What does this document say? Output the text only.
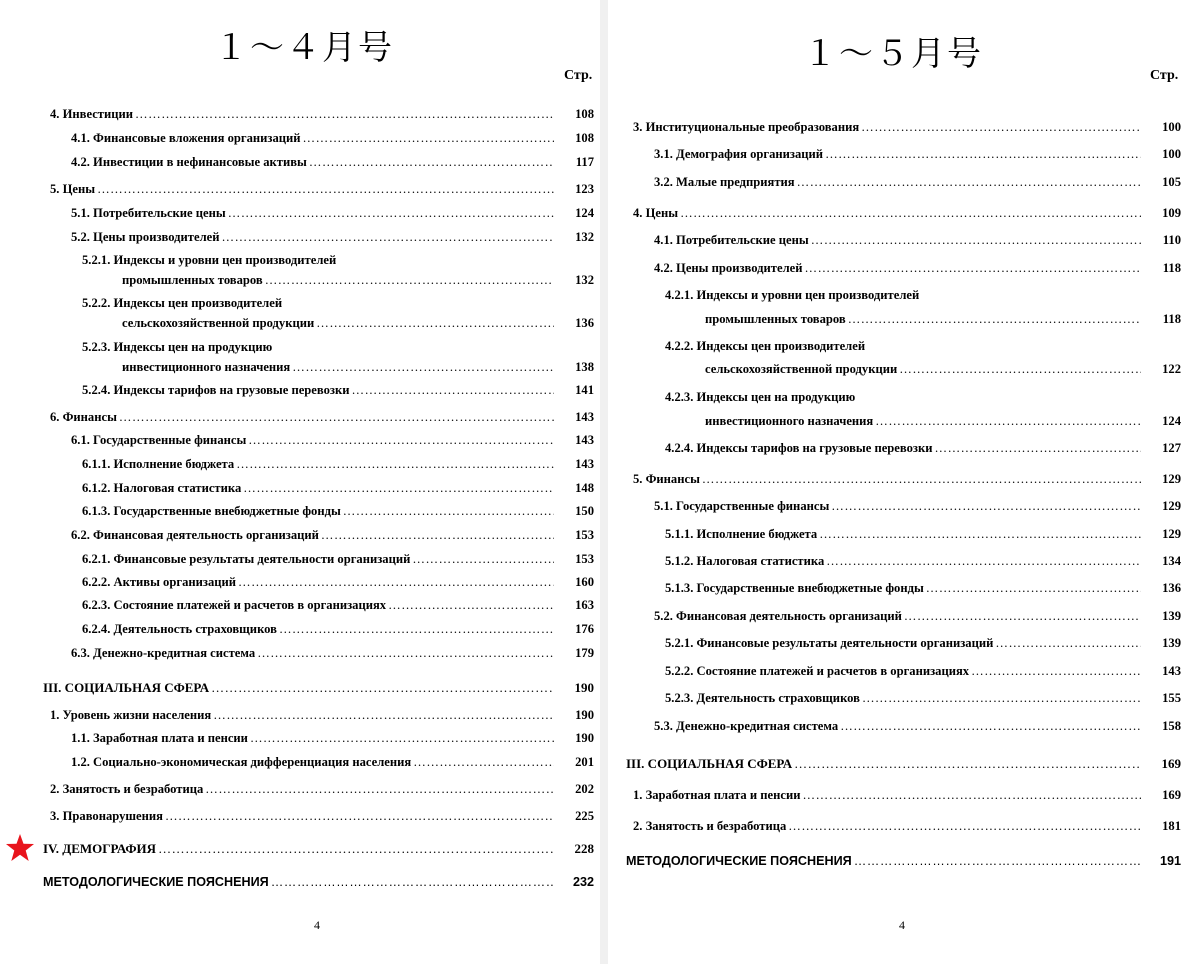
１～４月号
Стр.
4. Инвестиции ……………………………………………………………………………………………………………………………………………………………………………………………………………………	108
4.1. Финансовые вложения организаций ……………………………………………………………………………………………………………………………………………………………………………………………………………………	108
4.2. Инвестиции в нефинансовые активы ……………………………………………………………………………………………………………………………………………………………………………………………………………………	117
5. Цены ……………………………………………………………………………………………………………………………………………………………………………………………………………………	123
5.1. Потребительские цены ……………………………………………………………………………………………………………………………………………………………………………………………………………………	124
5.2. Цены производителей ……………………………………………………………………………………………………………………………………………………………………………………………………………………	132
5.2.1. Индексы и уровни цен производителей
промышленных товаров ……………………………………………………………………………………………………………………………………………………………………………………………………………………	132
5.2.2. Индексы цен производителей
сельскохозяйственной продукции ……………………………………………………………………………………………………………………………………………………………………………………………………………………	136
5.2.3. Индексы цен на продукцию
инвестиционного назначения ……………………………………………………………………………………………………………………………………………………………………………………………………………………	138
5.2.4. Индексы тарифов на грузовые перевозки ……………………………………………………………………………………………………………………………………………………………………………………………………………………	141
6. Финансы ……………………………………………………………………………………………………………………………………………………………………………………………………………………	143
6.1. Государственные финансы ……………………………………………………………………………………………………………………………………………………………………………………………………………………	143
6.1.1. Исполнение бюджета ……………………………………………………………………………………………………………………………………………………………………………………………………………………	143
6.1.2. Налоговая статистика ……………………………………………………………………………………………………………………………………………………………………………………………………………………	148
6.1.3. Государственные внебюджетные фонды ……………………………………………………………………………………………………………………………………………………………………………………………………………………	150
6.2. Финансовая деятельность организаций ……………………………………………………………………………………………………………………………………………………………………………………………………………………	153
6.2.1. Финансовые результаты деятельности организаций ……………………………………………………………………………………………………………………………………………………………………………………………………………………	153
6.2.2. Активы организаций ……………………………………………………………………………………………………………………………………………………………………………………………………………………	160
6.2.3. Состояние платежей и расчетов в организациях ……………………………………………………………………………………………………………………………………………………………………………………………………………………	163
6.2.4. Деятельность страховщиков ……………………………………………………………………………………………………………………………………………………………………………………………………………………	176
6.3. Денежно-кредитная система ……………………………………………………………………………………………………………………………………………………………………………………………………………………	179
III. СОЦИАЛЬНАЯ СФЕРА ……………………………………………………………………………………………………………………………………………………………………………………………………………………	190
1. Уровень жизни населения ……………………………………………………………………………………………………………………………………………………………………………………………………………………	190
1.1. Заработная плата и пенсии ……………………………………………………………………………………………………………………………………………………………………………………………………………………	190
1.2. Социально-экономическая дифференциация населения ……………………………………………………………………………………………………………………………………………………………………………………………………………………	201
2. Занятость и безработица ……………………………………………………………………………………………………………………………………………………………………………………………………………………	202
3. Правонарушения ……………………………………………………………………………………………………………………………………………………………………………………………………………………	225
IV. ДЕМОГРАФИЯ ……………………………………………………………………………………………………………………………………………………………………………………………………………………	228
МЕТОДОЛОГИЧЕСКИЕ ПОЯСНЕНИЯ ……………………………………………………………………………………………………………………………………………………………………………………………………………………	232
4
１～５月号
Стр.
3. Институциональные преобразования ……………………………………………………………………………………………………………………………………………………………………………………………………………………	100
3.1. Демография организаций ……………………………………………………………………………………………………………………………………………………………………………………………………………………	100
3.2. Малые предприятия ……………………………………………………………………………………………………………………………………………………………………………………………………………………	105
4. Цены ……………………………………………………………………………………………………………………………………………………………………………………………………………………	109
4.1. Потребительские цены ……………………………………………………………………………………………………………………………………………………………………………………………………………………	110
4.2. Цены производителей ……………………………………………………………………………………………………………………………………………………………………………………………………………………	118
4.2.1. Индексы и уровни цен производителей
промышленных товаров ……………………………………………………………………………………………………………………………………………………………………………………………………………………	118
4.2.2. Индексы цен производителей
сельскохозяйственной продукции ……………………………………………………………………………………………………………………………………………………………………………………………………………………	122
4.2.3. Индексы цен на продукцию
инвестиционного назначения ……………………………………………………………………………………………………………………………………………………………………………………………………………………	124
4.2.4. Индексы тарифов на грузовые перевозки ……………………………………………………………………………………………………………………………………………………………………………………………………………………	127
5. Финансы ……………………………………………………………………………………………………………………………………………………………………………………………………………………	129
5.1. Государственные финансы ……………………………………………………………………………………………………………………………………………………………………………………………………………………	129
5.1.1. Исполнение бюджета ……………………………………………………………………………………………………………………………………………………………………………………………………………………	129
5.1.2. Налоговая статистика ……………………………………………………………………………………………………………………………………………………………………………………………………………………	134
5.1.3. Государственные внебюджетные фонды ……………………………………………………………………………………………………………………………………………………………………………………………………………………	136
5.2. Финансовая деятельность организаций ……………………………………………………………………………………………………………………………………………………………………………………………………………………	139
5.2.1. Финансовые результаты деятельности организаций ……………………………………………………………………………………………………………………………………………………………………………………………………………………	139
5.2.2. Состояние платежей и расчетов в организациях ……………………………………………………………………………………………………………………………………………………………………………………………………………………	143
5.2.3. Деятельность страховщиков ……………………………………………………………………………………………………………………………………………………………………………………………………………………	155
5.3. Денежно-кредитная система ……………………………………………………………………………………………………………………………………………………………………………………………………………………	158
III. СОЦИАЛЬНАЯ СФЕРА ……………………………………………………………………………………………………………………………………………………………………………………………………………………	169
1. Заработная плата и пенсии ……………………………………………………………………………………………………………………………………………………………………………………………………………………	169
2. Занятость и безработица ……………………………………………………………………………………………………………………………………………………………………………………………………………………	181
МЕТОДОЛОГИЧЕСКИЕ ПОЯСНЕНИЯ ……………………………………………………………………………………………………………………………………………………………………………………………………………………	191
4
